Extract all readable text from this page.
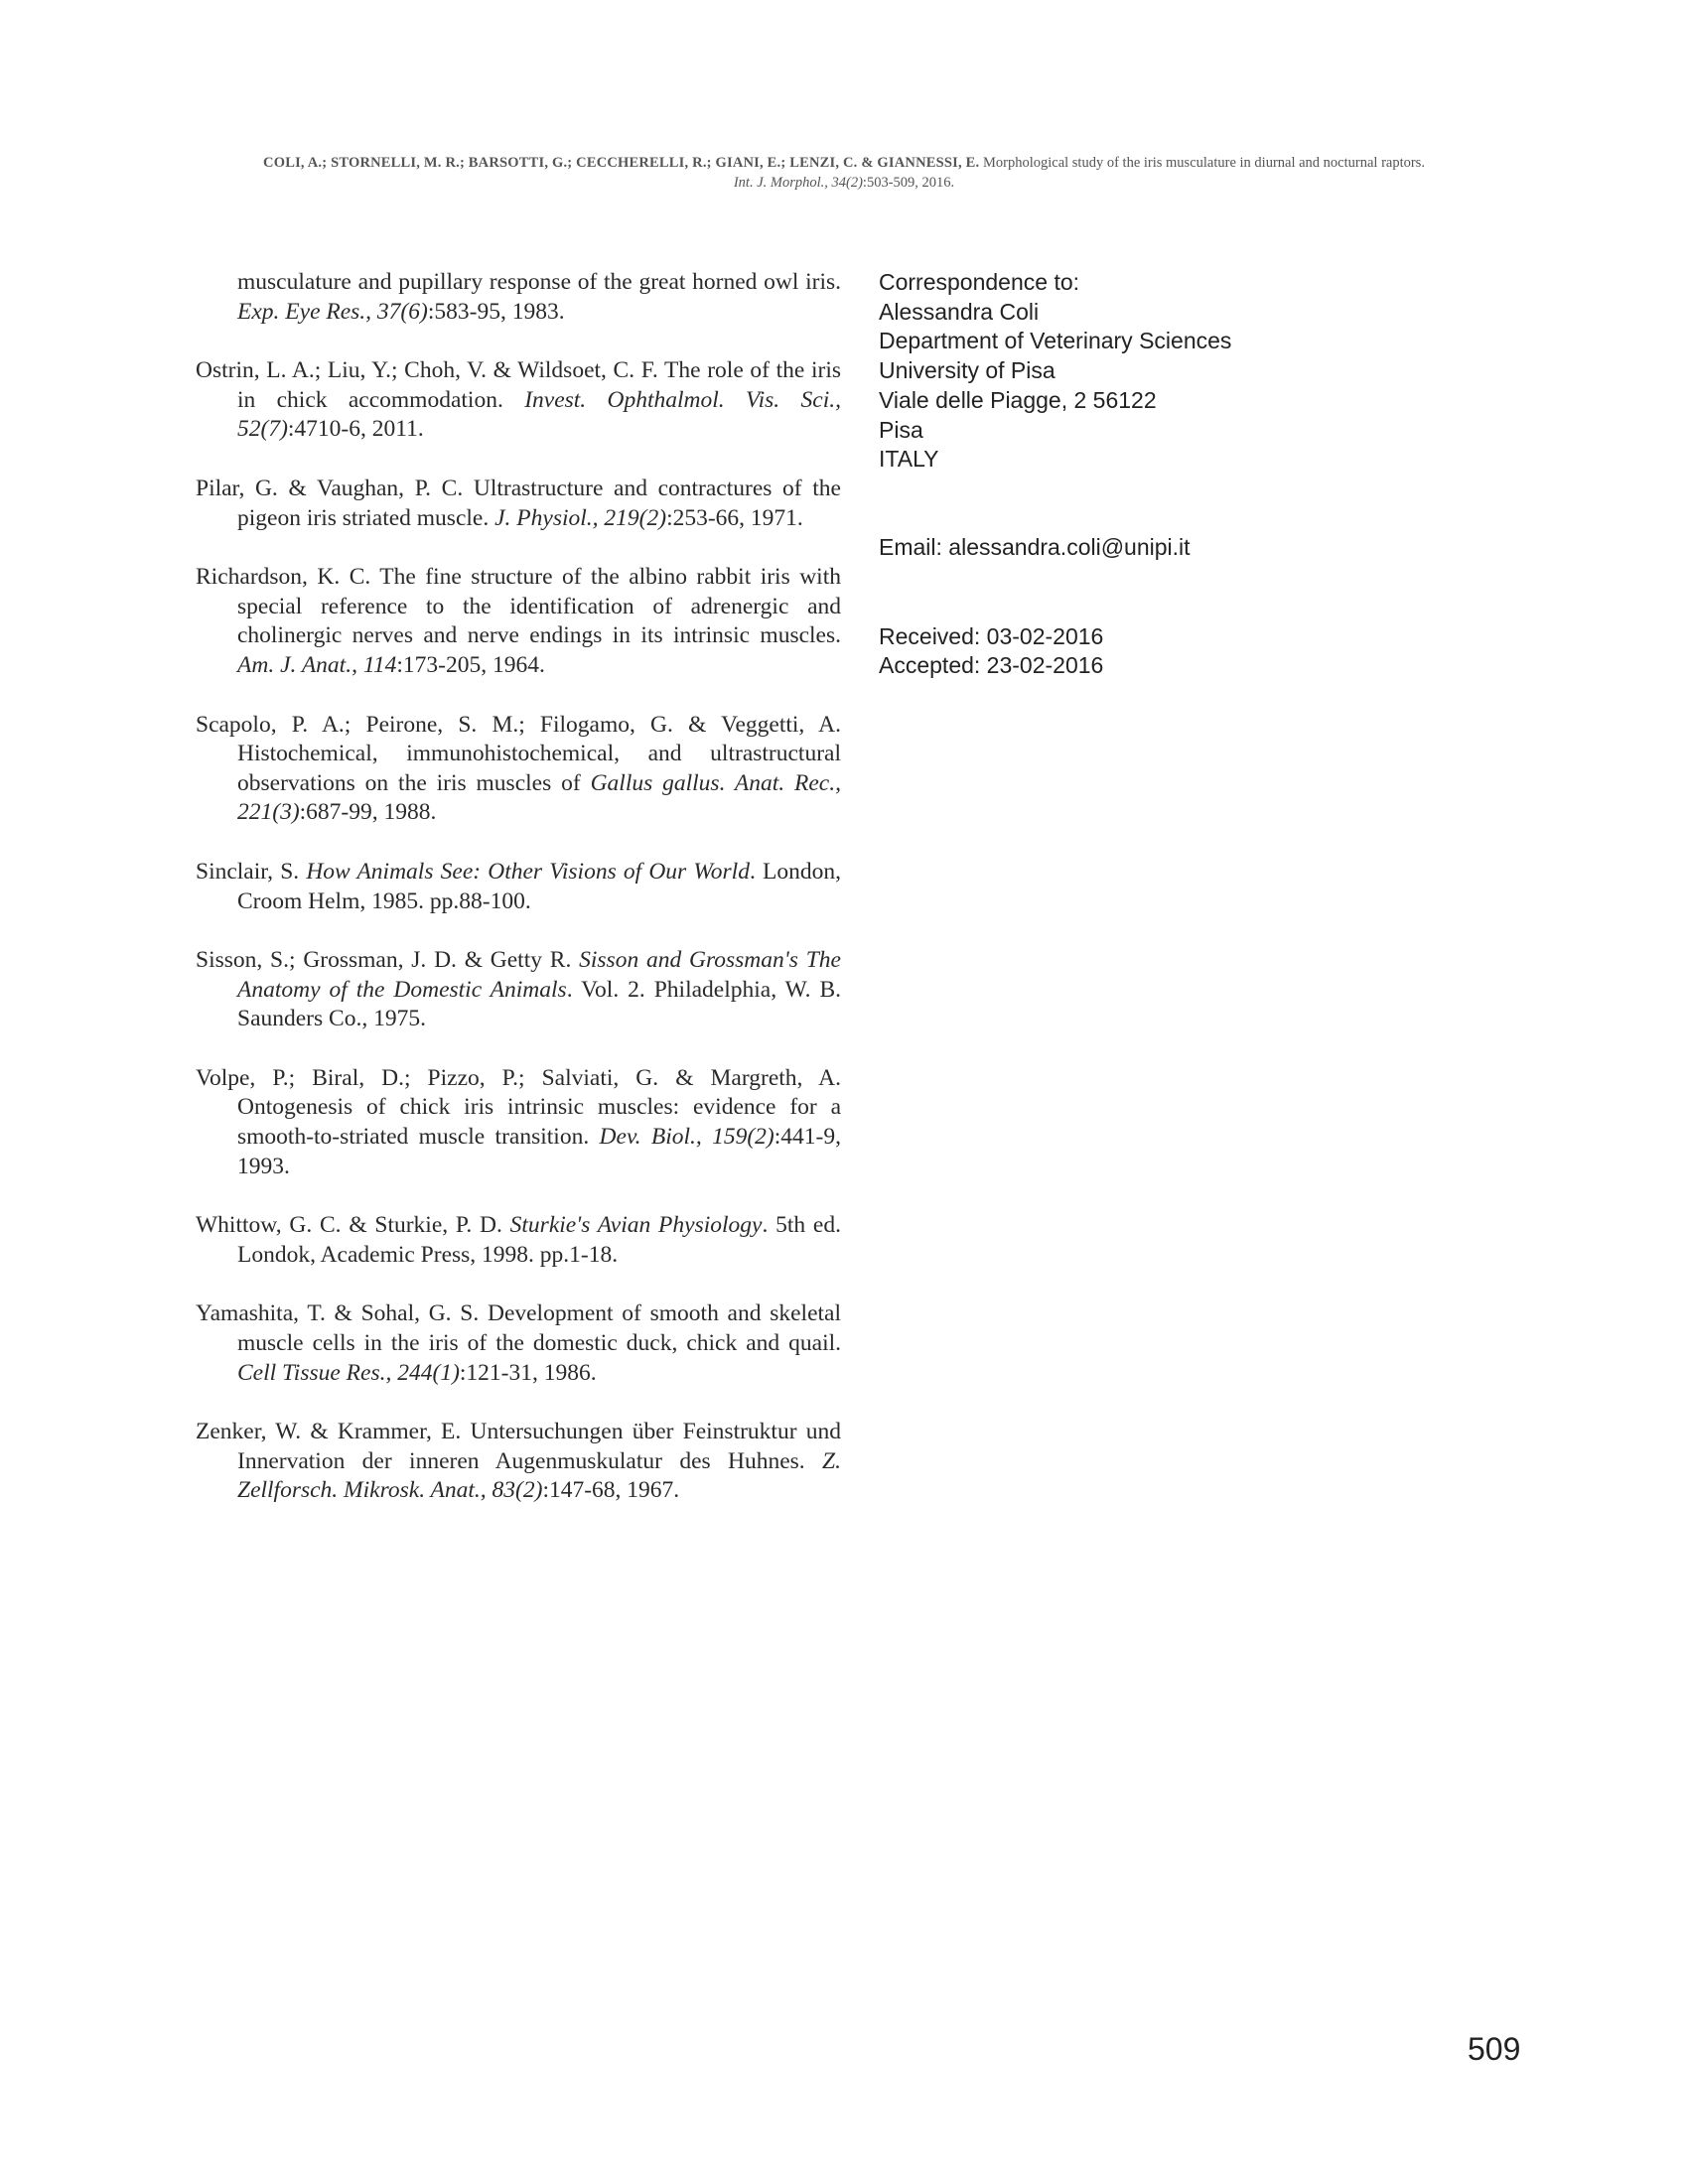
COLI, A.; STORNELLI, M. R.; BARSOTTI, G.; CECCHERELLI, R.; GIANI, E.; LENZI, C. & GIANNESSI, E. Morphological study of the iris musculature in diurnal and nocturnal raptors.
Int. J. Morphol., 34(2):503-509, 2016.

musculature and pupillary response of the great horned owl iris. Exp. Eye Res., 37(6):583-95, 1983.

Ostrin, L. A.; Liu, Y.; Choh, V. & Wildsoet, C. F. The role of the iris in chick accommodation. Invest. Ophthalmol. Vis. Sci., 52(7):4710-6, 2011.

Pilar, G. & Vaughan, P. C. Ultrastructure and contractures of the pigeon iris striated muscle. J. Physiol., 219(2):253-66, 1971.

Richardson, K. C. The fine structure of the albino rabbit iris with special reference to the identification of adrenergic and cholinergic nerves and nerve endings in its intrinsic muscles. Am. J. Anat., 114:173-205, 1964.

Scapolo, P. A.; Peirone, S. M.; Filogamo, G. & Veggetti, A. Histochemical, immunohistochemical, and ultrastructural observations on the iris muscles of Gallus gallus. Anat. Rec., 221(3):687-99, 1988.

Sinclair, S. How Animals See: Other Visions of Our World. London, Croom Helm, 1985. pp.88-100.

Sisson, S.; Grossman, J. D. & Getty R. Sisson and Grossman's The Anatomy of the Domestic Animals. Vol. 2. Philadelphia, W. B. Saunders Co., 1975.

Volpe, P.; Biral, D.; Pizzo, P.; Salviati, G. & Margreth, A. Ontogenesis of chick iris intrinsic muscles: evidence for a smooth-to-striated muscle transition. Dev. Biol., 159(2):441-9, 1993.

Whittow, G. C. & Sturkie, P. D. Sturkie's Avian Physiology. 5th ed. Londok, Academic Press, 1998. pp.1-18.

Yamashita, T. & Sohal, G. S. Development of smooth and skeletal muscle cells in the iris of the domestic duck, chick and quail. Cell Tissue Res., 244(1):121-31, 1986.

Zenker, W. & Krammer, E. Untersuchungen über Feinstruktur und Innervation der inneren Augenmuskulatur des Huhnes. Z. Zellforsch. Mikrosk. Anat., 83(2):147-68, 1967.

Correspondence to:
Alessandra Coli
Department of Veterinary Sciences
University of Pisa
Viale delle Piagge, 2 56122
Pisa
ITALY
Email: alessandra.coli@unipi.it
Received: 03-02-2016
Accepted: 23-02-2016
509
